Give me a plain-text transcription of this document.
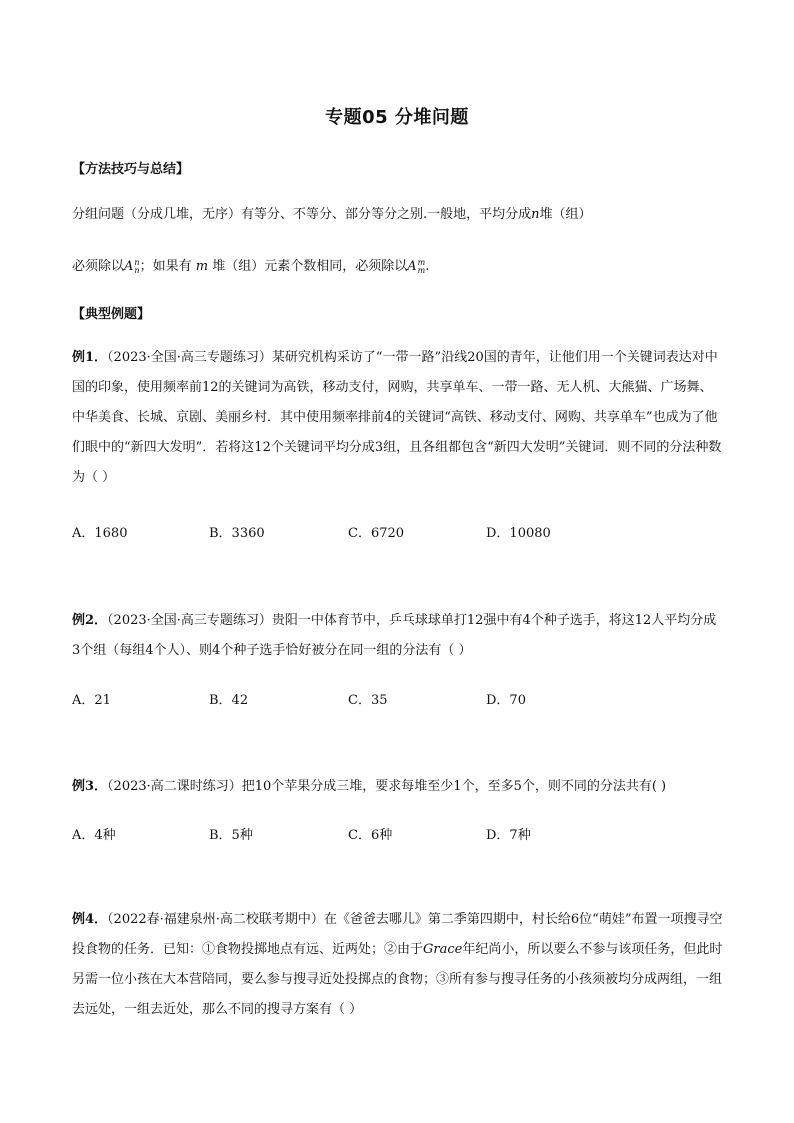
专题05 分堆问题
【方法技巧与总结】
分组问题（分成几堆，无序）有等分、不等分、部分等分之别.一般地，平均分成n堆（组）
必须除以A n
n ；如果有 m 堆（组）元素个数相同，必须除以A m
m .
【典型例题】
例1．（2023·全国·高三专题练习）某研究机构采访了“一带一路”沿线20国的青年，让他们用一个关键词表达对中国的印象，使用频率前12的关键词为高铁，移动支付，网购，共享单车、一带一路、无人机、大熊猫、广场舞、中华美食、长城、京剧、美丽乡村．其中使用频率排前4的关键词“高铁、移动支付、网购、共享单车”也成为了他们眼中的“新四大发明”．若将这12个关键词平均分成3组，且各组都包含“新四大发明”关键词．则不同的分法种数为（ ）
A．1680	B．3360	C．6720	D．10080
例2．（2023·全国·高三专题练习）贵阳一中体育节中，乒乓球球单打12强中有4个种子选手，将这12人平均分成3个组（每组4个人）、则4个种子选手恰好被分在同一组的分法有（ ）
A．21	B．42	C．35	D．70
例3．（2023·高二课时练习）把10个苹果分成三堆，要求每堆至少1个，至多5个，则不同的分法共有( )
A．4种	B．5种	C．6种	D．7种
例4．（2022春·福建泉州·高二校联考期中）在《爸爸去哪儿》第二季第四期中，村长给6位“萌娃”布置一项搜寻空投食物的任务．已知：①食物投掷地点有远、近两处；②由于Grace年纪尚小，所以要么不参与该项任务，但此时另需一位小孩在大本营陪同，要么参与搜寻近处投掷点的食物；③所有参与搜寻任务的小孩须被均分成两组，一组去远处，一组去近处，那么不同的搜寻方案有（ ）
